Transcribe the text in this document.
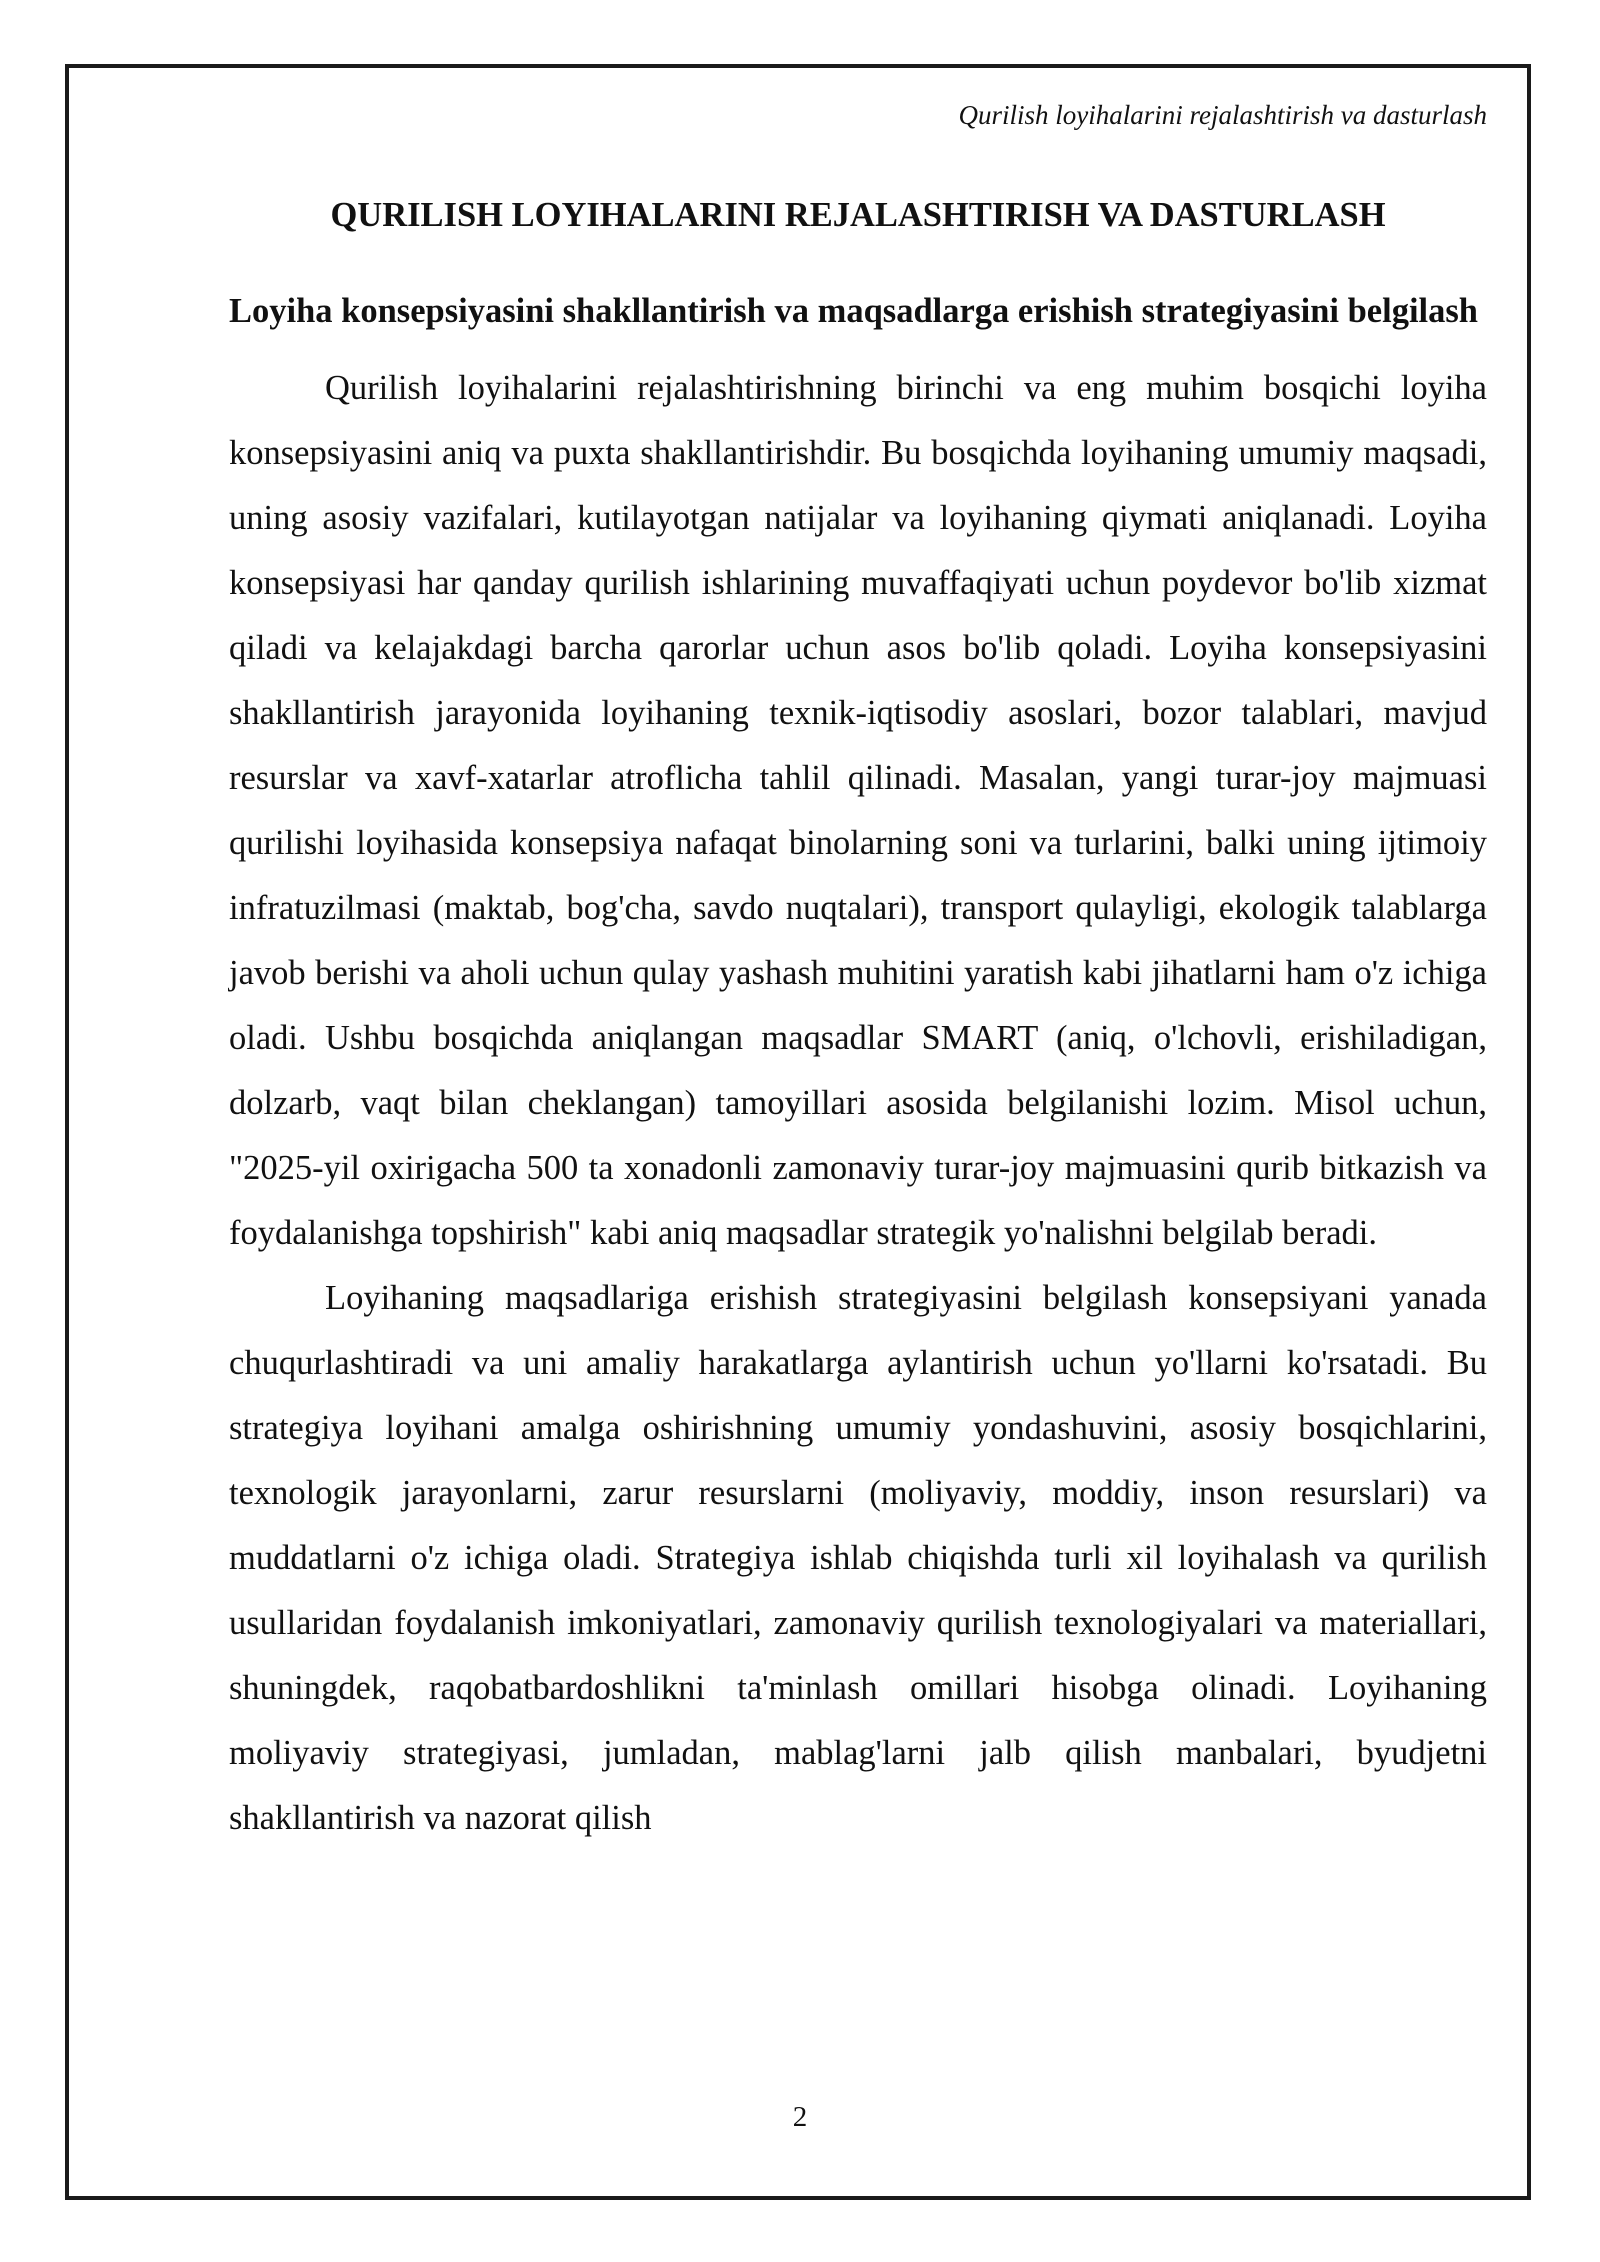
Qurilish loyihalarini rejalashtirish va dasturlash
QURILISH LOYIHALARINI REJALASHTIRISH VA DASTURLASH
Loyiha konsepsiyasini shakllantirish va maqsadlarga erishish strategiyasini belgilash

Qurilish loyihalarini rejalashtirishning birinchi va eng muhim bosqichi loyiha konsepsiyasini aniq va puxta shakllantirishdir. Bu bosqichda loyihaning umumiy maqsadi, uning asosiy vazifalari, kutilayotgan natijalar va loyihaning qiymati aniqlanadi. Loyiha konsepsiyasi har qanday qurilish ishlarining muvaffaqiyati uchun poydevor bo'lib xizmat qiladi va kelajakdagi barcha qarorlar uchun asos bo'lib qoladi. Loyiha konsepsiyasini shakllantirish jarayonida loyihaning texnik-iqtisodiy asoslari, bozor talablari, mavjud resurslar va xavf-xatarlar atroflicha tahlil qilinadi. Masalan, yangi turar-joy majmuasi qurilishi loyihasida konsepsiya nafaqat binolarning soni va turlarini, balki uning ijtimoiy infratuzilmasi (maktab, bog'cha, savdo nuqtalari), transport qulayligi, ekologik talablarga javob berishi va aholi uchun qulay yashash muhitini yaratish kabi jihatlarni ham o'z ichiga oladi. Ushbu bosqichda aniqlangan maqsadlar SMART (aniq, o'lchovli, erishiladigan, dolzarb, vaqt bilan cheklangan) tamoyillari asosida belgilanishi lozim. Misol uchun, "2025-yil oxirigacha 500 ta xonadonli zamonaviy turar-joy majmuasini qurib bitkazish va foydalanishga topshirish" kabi aniq maqsadlar strategik yo'nalishni belgilab beradi.

Loyihaning maqsadlariga erishish strategiyasini belgilash konsepsiyani yanada chuqurlashtiradi va uni amaliy harakatlarga aylantirish uchun yo'llarni ko'rsatadi. Bu strategiya loyihani amalga oshirishning umumiy yondashuvini, asosiy bosqichlarini, texnologik jarayonlarni, zarur resurslarni (moliyaviy, moddiy, inson resurslari) va muddatlarni o'z ichiga oladi. Strategiya ishlab chiqishda turli xil loyihalash va qurilish usullaridan foydalanish imkoniyatlari, zamonaviy qurilish texnologiyalari va materiallari, shuningdek, raqobatbardoshlikni ta'minlash omillari hisobga olinadi. Loyihaning moliyaviy strategiyasi, jumladan, mablag'larni jalb qilish manbalari, byudjetni shakllantirish va nazorat qilish

2
